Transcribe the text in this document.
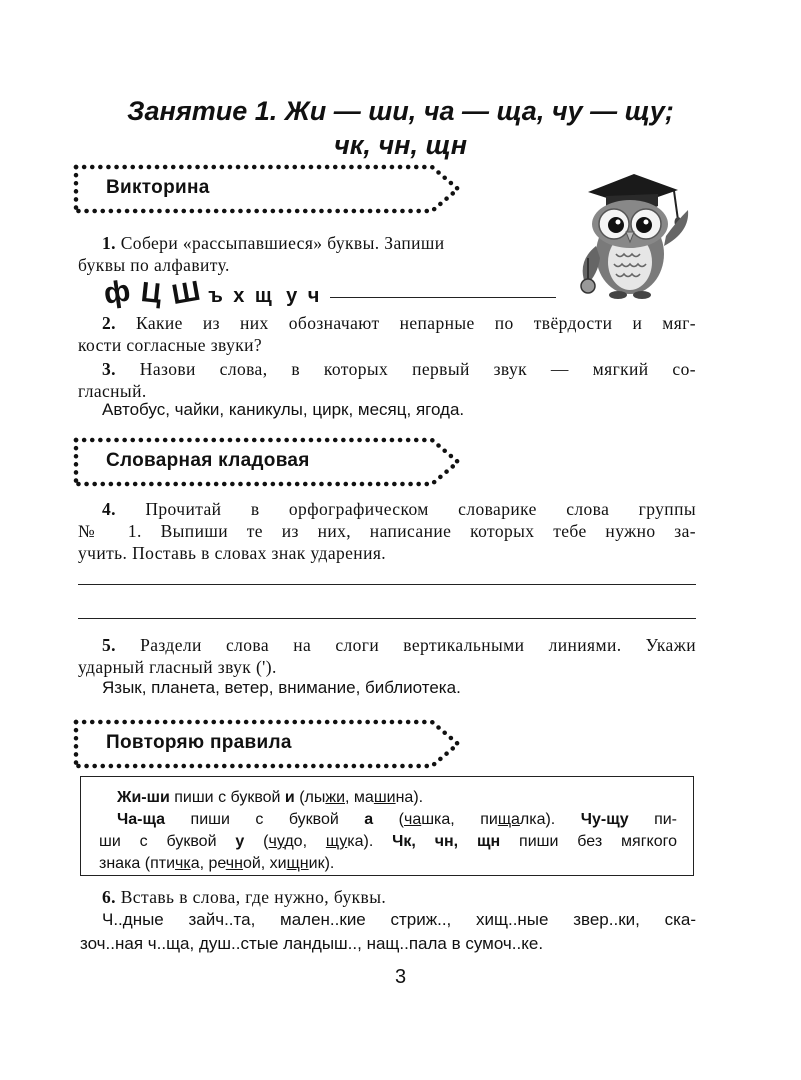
Занятие 1. Жи — ши, ча — ща, чу — щу;
чк, чн, щн
Викторина
1. Собери «рассыпавшиеся» буквы. Запиши
буквы по алфавиту.
ф Ц Ш ъ х щ у ч
2. Какие из них обозначают непарные по твёрдости и мяг-
кости согласные звуки?
3. Назови слова, в которых первый звук — мягкий со-
гласный.
Автобус, чайки, каникулы, цирк, месяц, ягода.
Словарная кладовая
4. Прочитай в орфографическом словарике слова группы
№ 1. Выпиши те из них, написание которых тебе нужно за-
учить. Поставь в словах знак ударения.
5. Раздели слова на слоги вертикальными линиями. Укажи
ударный гласный звук (').
Язык, планета, ветер, внимание, библиотека.
Повторяю правила
Жи-ши пиши с буквой и (лыжи, машина).
Ча-ща пиши с буквой а (чашка, пищалка). Чу-щу пи-
ши с буквой у (чудо, щука). Чк, чн, щн пиши без мягкого
знака (птичка, речной, хищник).
6. Вставь в слова, где нужно, буквы.
Ч..дные зайч..та, мален..кие стриж.., хищ..ные звер..ки, ска-
зоч..ная ч..ща, душ..стые ландыш.., нащ..пала в сумоч..ке.
3
